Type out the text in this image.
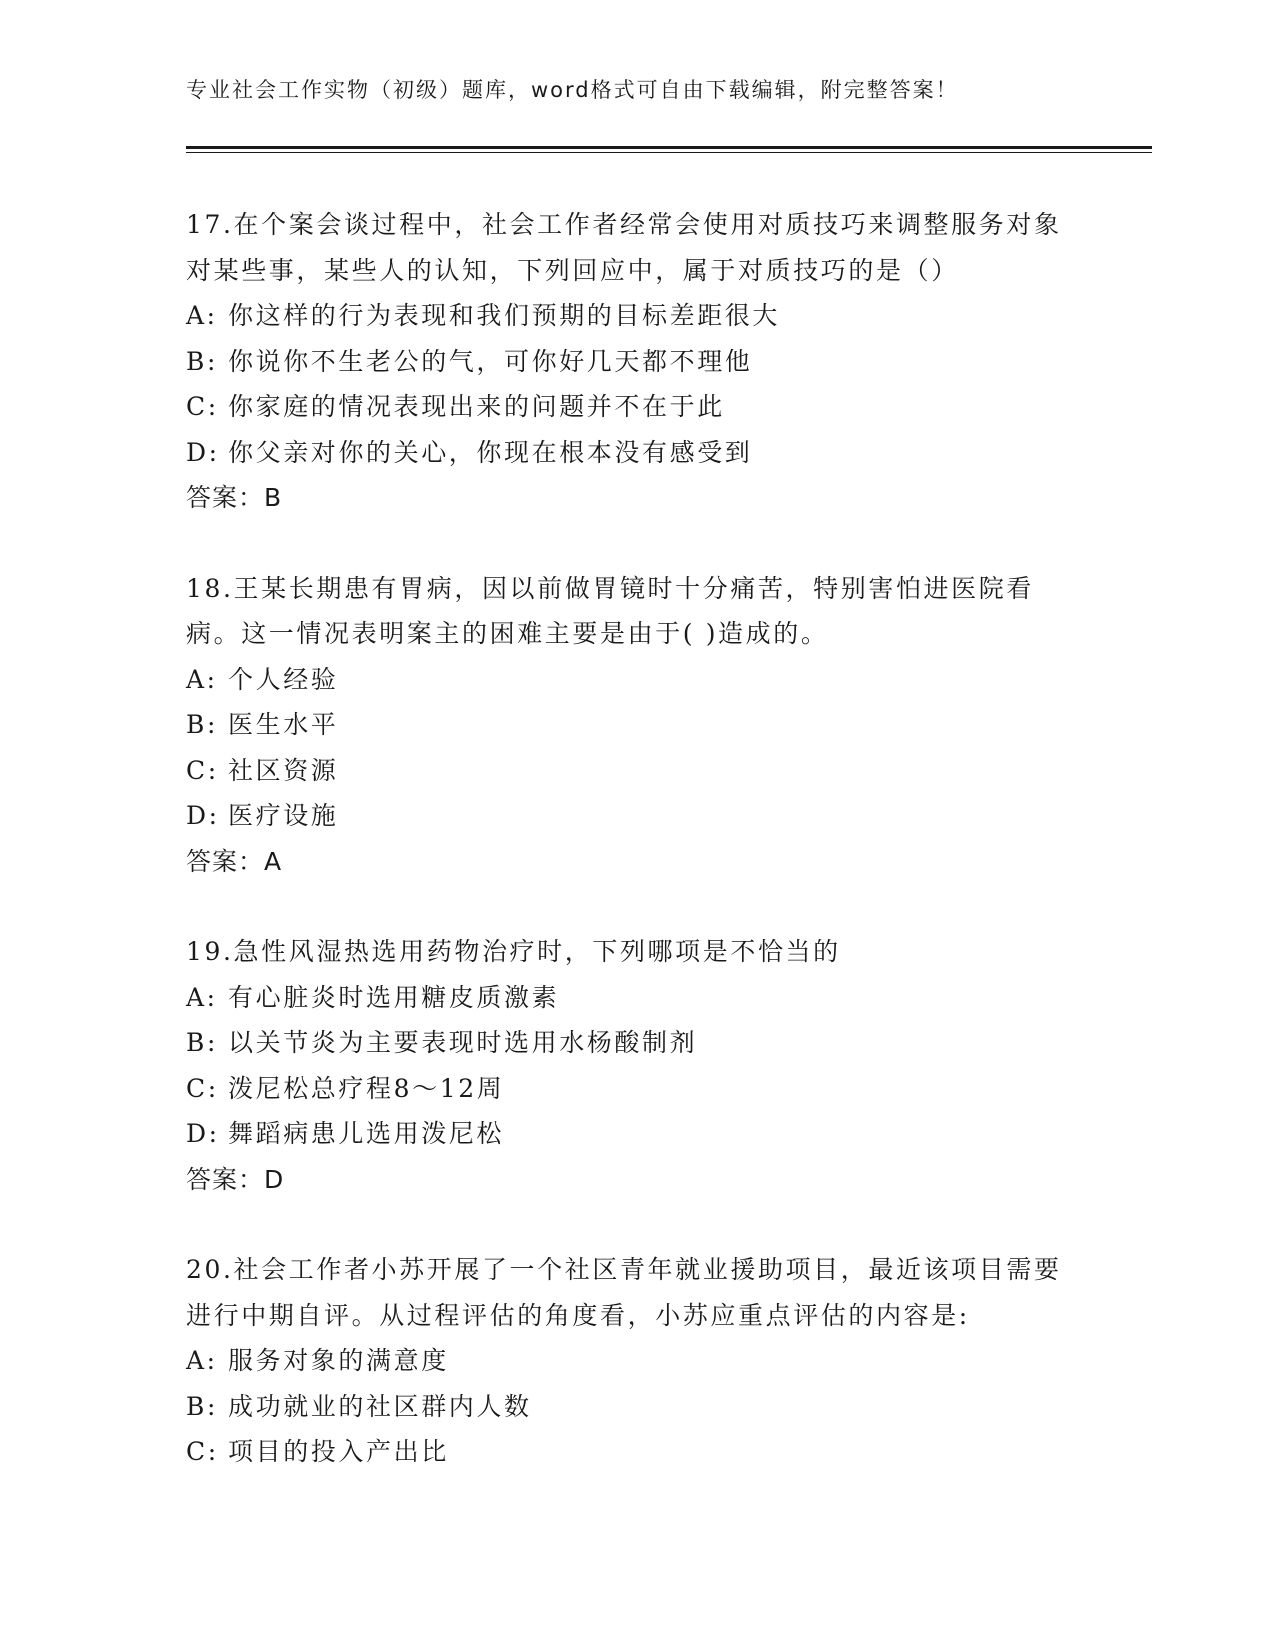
专业社会工作实物（初级）题库，word格式可自由下载编辑，附完整答案！

17.在个案会谈过程中，社会工作者经常会使用对质技巧来调整服务对象对某些事，某些人的认知，下列回应中，属于对质技巧的是（）

A: 你这样的行为表现和我们预期的目标差距很大
B: 你说你不生老公的气，可你好几天都不理他
C: 你家庭的情况表现出来的问题并不在于此
D: 你父亲对你的关心，你现在根本没有感受到
答案：B

18.王某长期患有胃病，因以前做胃镜时十分痛苦，特别害怕进医院看病。这一情况表明案主的困难主要是由于( )造成的。

A: 个人经验
B: 医生水平
C: 社区资源
D: 医疗设施
答案：A

19.急性风湿热选用药物治疗时，下列哪项是不恰当的

A: 有心脏炎时选用糖皮质激素
B: 以关节炎为主要表现时选用水杨酸制剂
C: 泼尼松总疗程8～12周
D: 舞蹈病患儿选用泼尼松
答案：D

20.社会工作者小苏开展了一个社区青年就业援助项目，最近该项目需要进行中期自评。从过程评估的角度看，小苏应重点评估的内容是:

A: 服务对象的满意度
B: 成功就业的社区群内人数
C: 项目的投入产出比
